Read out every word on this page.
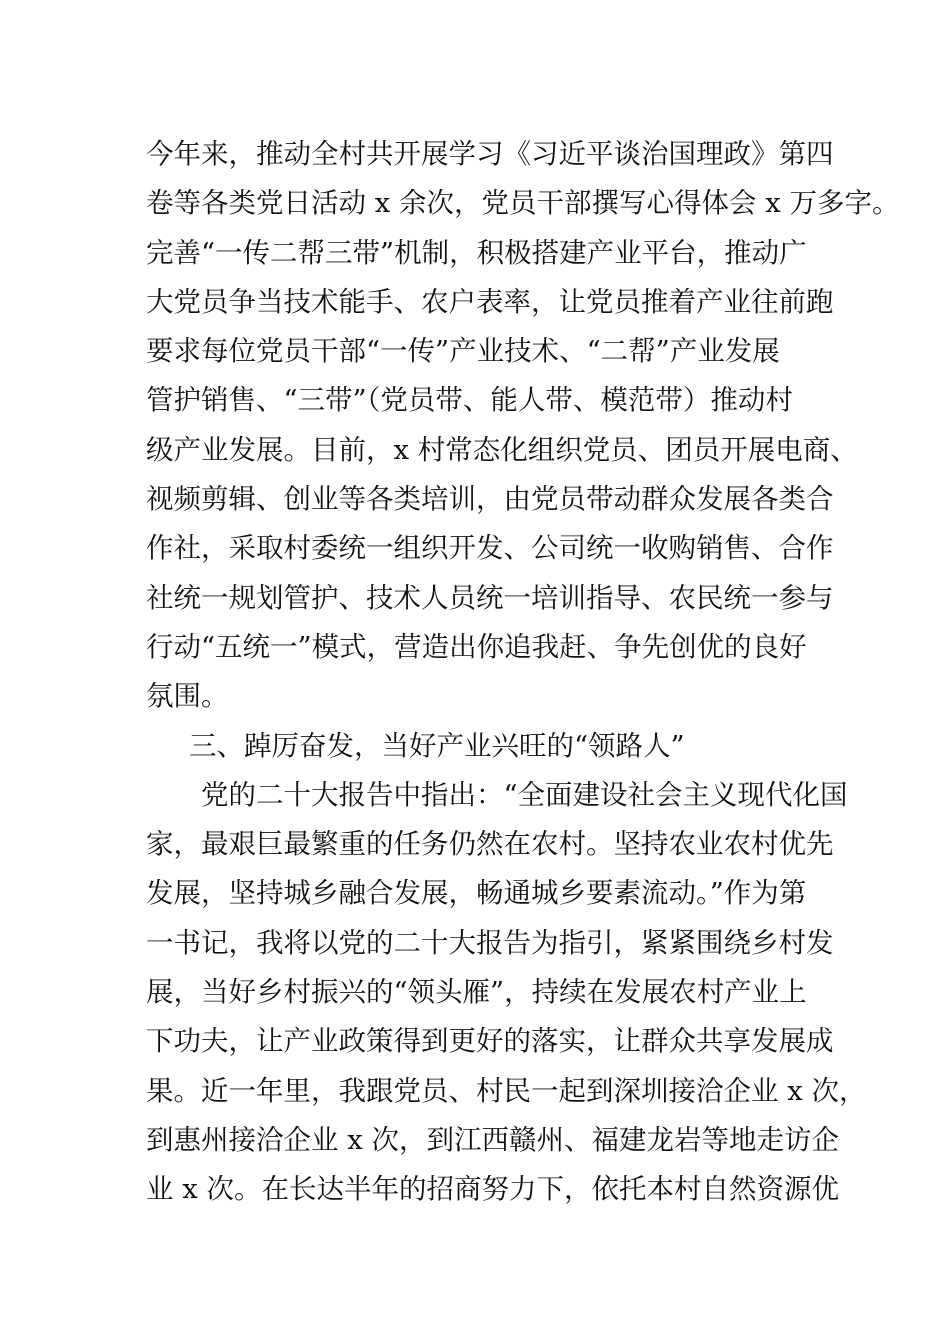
今年来，推动全村共开展学习《习近平谈治国理政》第四
卷等各类党日活动 x 余次，党员干部撰写心得体会 x 万多字。
完善“一传二帮三带”机制，积极搭建产业平台，推动广
大党员争当技术能手、农户表率，让党员推着产业往前跑
要求每位党员干部“一传”产业技术、“二帮”产业发展
管护销售、“三带”（党员带、能人带、模范带）推动村
级产业发展。目前，x 村常态化组织党员、团员开展电商、
视频剪辑、创业等各类培训，由党员带动群众发展各类合
作社，采取村委统一组织开发、公司统一收购销售、合作
社统一规划管护、技术人员统一培训指导、农民统一参与
行动“五统一”模式，营造出你追我赶、争先创优的良好
氛围。
三、踔厉奋发，当好产业兴旺的“领路人”
党的二十大报告中指出：“全面建设社会主义现代化国
家，最艰巨最繁重的任务仍然在农村。坚持农业农村优先
发展，坚持城乡融合发展，畅通城乡要素流动。”作为第
一书记，我将以党的二十大报告为指引，紧紧围绕乡村发
展，当好乡村振兴的“领头雁”，持续在发展农村产业上
下功夫，让产业政策得到更好的落实，让群众共享发展成
果。近一年里，我跟党员、村民一起到深圳接洽企业 x 次，
到惠州接洽企业 x 次，到江西赣州、福建龙岩等地走访企
业 x 次。在长达半年的招商努力下，依托本村自然资源优
